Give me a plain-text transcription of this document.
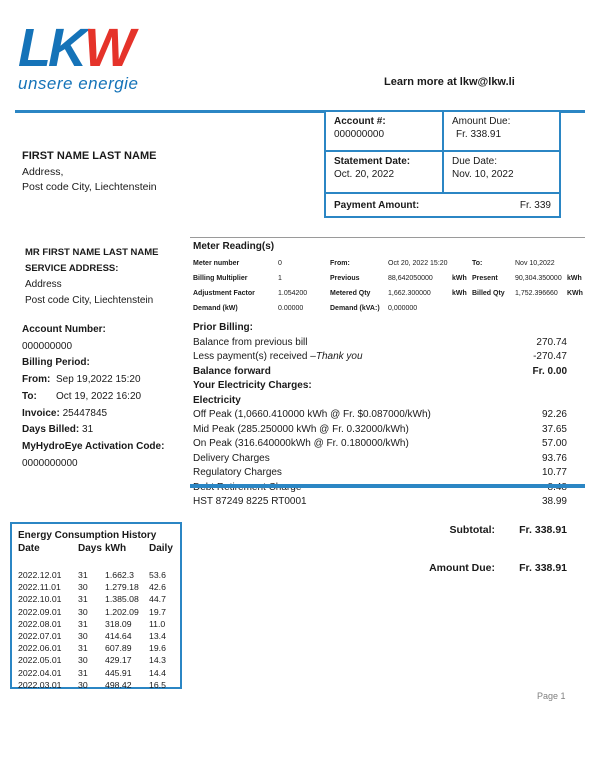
LKW
unsere energie	Learn more at lkw@lkw.li
Account #:
000000000
Amount Due:
Fr. 338.91
Statement Date:
Oct. 20, 2022
Due Date:
Nov. 10, 2022
Payment Amount:	Fr. 339
FIRST NAME LAST NAME
Address,
Post code City, Liechtenstein
MR FIRST NAME LAST NAME
SERVICE ADDRESS:
Address
Post code City, Liechtenstein
Meter Reading(s)
Meter number	0	From:	Oct 20, 2022 15:20	To:	Nov 10,2022
Billing Multiplier	1	Previous	88,642050000	kWh Present	90,304.350000 kWh
Adjustment Factor	1.054200	Metered Qty	1,662.300000	kWh Billed Qty	1,752.396660	KWh
Demand (kW)	0.00000	Demand (kVA:)	0,000000
Prior Billing:
Balance from previous bill	270.74
Less payment(s) received –Thank you	-270.47
Balance forward	Fr. 0.00
Your Electricity Charges:
Electricity
Off Peak (1,0660.410000 kWh @ Fr. $0.087000/kWh)	92.26
Mid Peak (285.250000 kWh @ Fr. 0.32000/kWh)	37.65
On Peak (316.640000kWh @ Fr. 0.180000/kWh)	57.00
Delivery Charges	93.76
Regulatory Charges	10.77
HST 87249 8225 RT0001	38.99
Account Number:
000000000
Billing Period:
From: Sep 19,2022 15:20
To: Oct 19, 2022 16:20
Invoice: 25447845
Days Billed: 31
MyHydroEye Activation Code:
0000000000
Subtotal:	Fr. 338.91
Amount Due:	Fr. 338.91
Energy Consumption History
Date	Days kWh	Daily
2022.12.01	31	1.662.3	53.6
2022.11.01	30	1.279.18	42.6
2022.10.01	31	1.385.08	44.7
2022.09.01	30	1.202.09	19.7
2022.08.01	31	318.09	11.0
2022.07.01	30	414.64	13.4
2022.06.01	31	607.89	19.6
2022.05.01	30	429.17	14.3
2022.04.01	31	445.91	14.4
2022.03.01	30	498.42	16.5
Page 1
